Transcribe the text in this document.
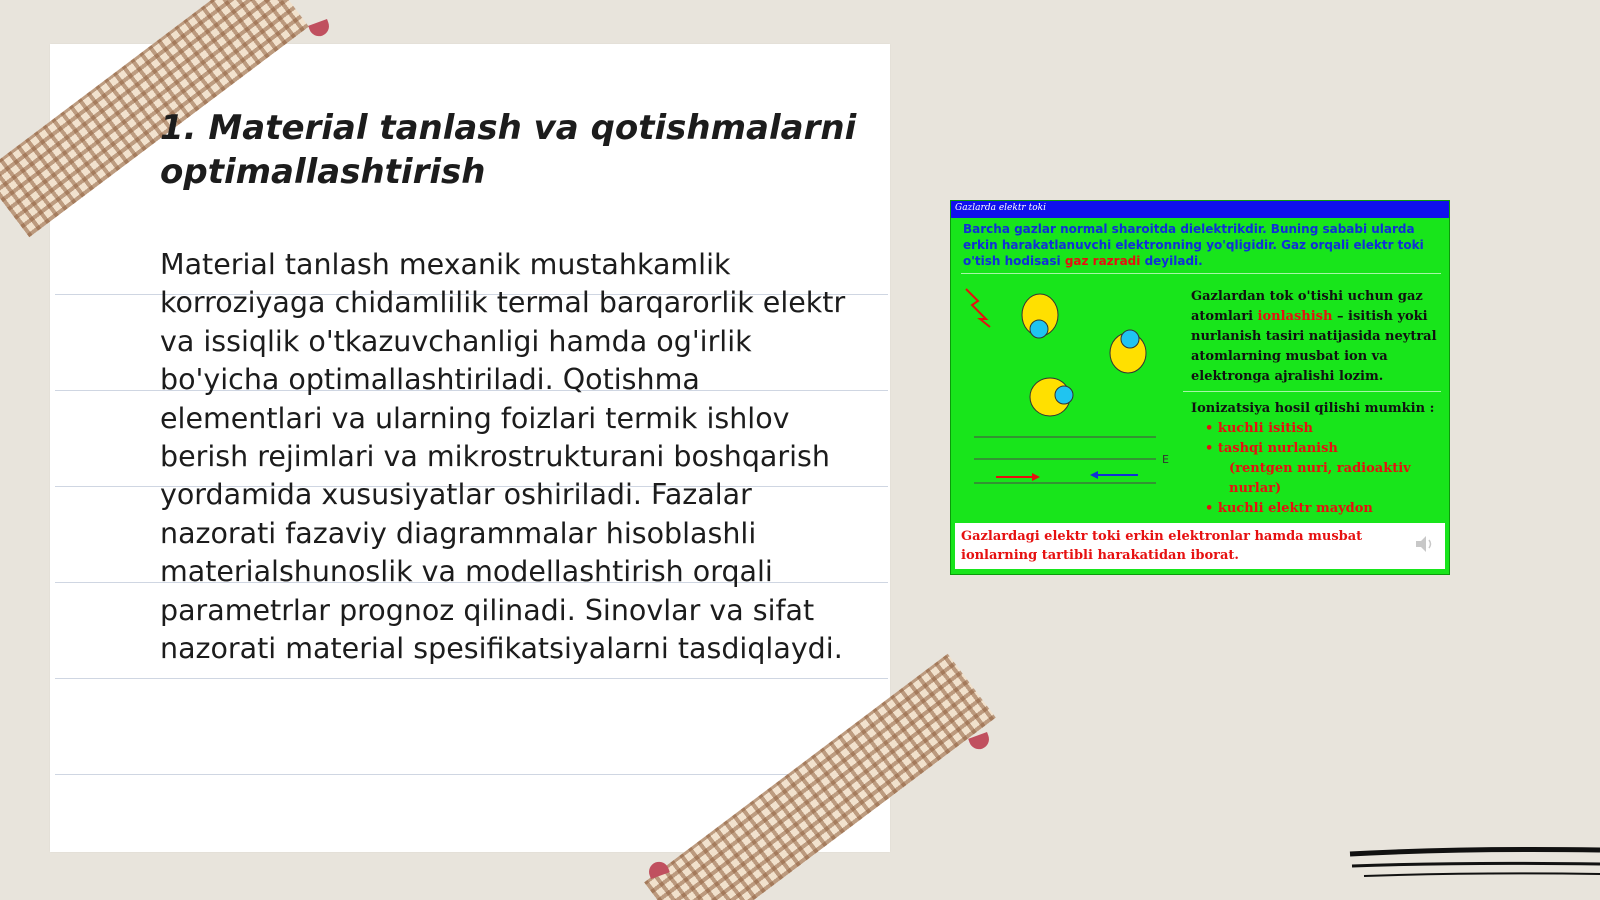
1. Material tanlash va qotishmalarni optimallashtirish

Material tanlash mexanik mustahkamlik korroziyaga chidamlilik termal barqarorlik elektr va issiqlik o'tkazuvchanligi hamda og'irlik bo'yicha optimallashtiriladi. Qotishma elementlari va ularning foizlari termik ishlov berish rejimlari va mikrostrukturani boshqarish yordamida xususiyatlar oshiriladi. Fazalar nazorati fazaviy diagrammalar hisoblashli materialshunoslik va modellashtirish orqali parametrlar prognoz qilinadi. Sinovlar va sifat nazorati material spesifikatsiyalarni tasdiqlaydi.

Gazlarda elektr toki
Barcha gazlar normal sharoitda dielektrikdir. Buning sababi ularda erkin harakatlanuvchi elektronning yo'qligidir. Gaz orqali elektr toki o'tish hodisasi gaz razradi deyiladi.
E
Gazlardan tok o'tishi uchun gaz atomlari ionlashish – isitish yoki nurlanish tasiri natijasida neytral atomlarning musbat ion va elektronga ajralishi lozim.
Ionizatsiya hosil qilishi mumkin :
• kuchli isitish
• tashqi nurlanish
(rentgen nuri, radioaktiv nurlar)
• kuchli elektr maydon
Gazlardagi elektr toki erkin elektronlar hamda musbat ionlarning tartibli harakatidan iborat.
